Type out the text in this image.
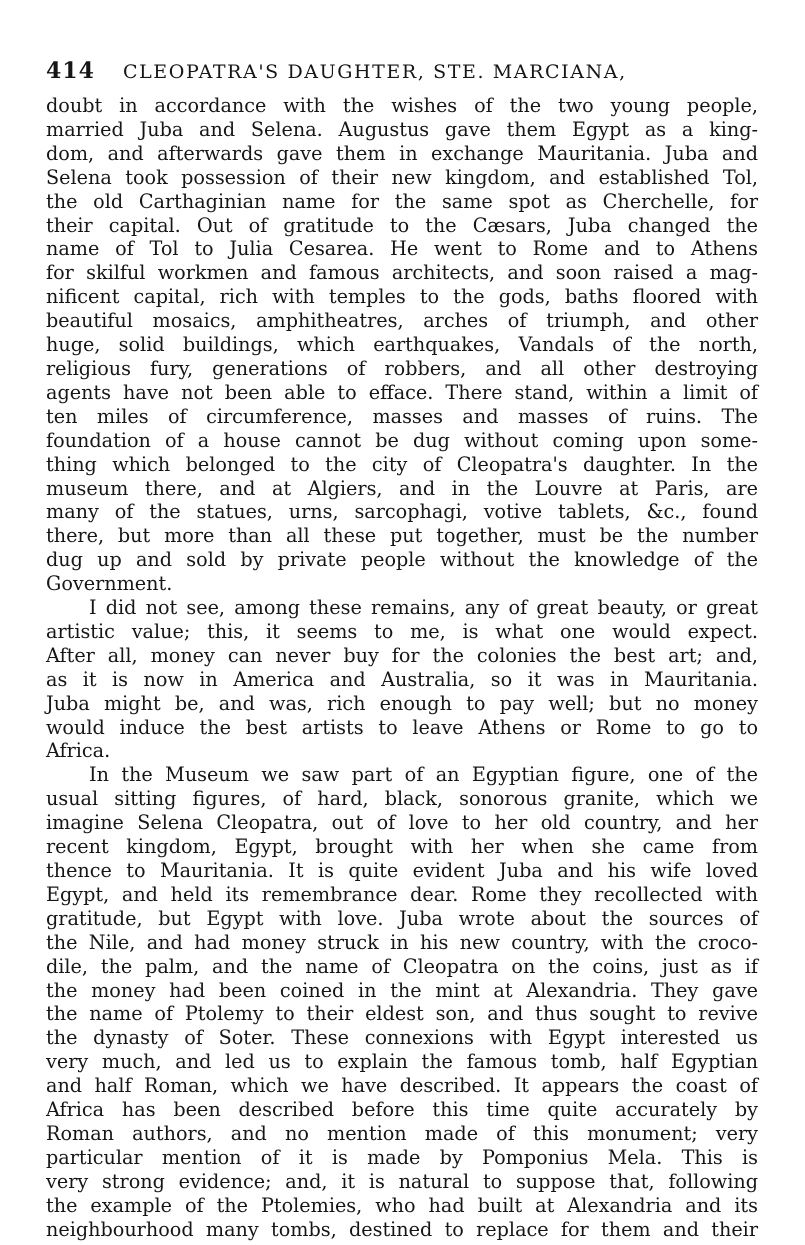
414 CLEOPATRA'S DAUGHTER, STE. MARCIANA,
doubt in accordance with the wishes of the two young people,
married Juba and Selena. Augustus gave them Egypt as a king-
dom, and afterwards gave them in exchange Mauritania. Juba and
Selena took possession of their new kingdom, and established Tol,
the old Carthaginian name for the same spot as Cherchelle, for
their capital. Out of gratitude to the Cæsars, Juba changed the
name of Tol to Julia Cesarea. He went to Rome and to Athens
for skilful workmen and famous architects, and soon raised a mag-
nificent capital, rich with temples to the gods, baths floored with
beautiful mosaics, amphitheatres, arches of triumph, and other
huge, solid buildings, which earthquakes, Vandals of the north,
religious fury, generations of robbers, and all other destroying
agents have not been able to efface. There stand, within a limit of
ten miles of circumference, masses and masses of ruins. The
foundation of a house cannot be dug without coming upon some-
thing which belonged to the city of Cleopatra's daughter. In the
museum there, and at Algiers, and in the Louvre at Paris, are
many of the statues, urns, sarcophagi, votive tablets, &c., found
there, but more than all these put together, must be the number
dug up and sold by private people without the knowledge of the
Government.
I did not see, among these remains, any of great beauty, or great
artistic value; this, it seems to me, is what one would expect.
After all, money can never buy for the colonies the best art; and,
as it is now in America and Australia, so it was in Mauritania.
Juba might be, and was, rich enough to pay well; but no money
would induce the best artists to leave Athens or Rome to go to
Africa.
In the Museum we saw part of an Egyptian figure, one of the
usual sitting figures, of hard, black, sonorous granite, which we
imagine Selena Cleopatra, out of love to her old country, and her
recent kingdom, Egypt, brought with her when she came from
thence to Mauritania. It is quite evident Juba and his wife loved
Egypt, and held its remembrance dear. Rome they recollected with
gratitude, but Egypt with love. Juba wrote about the sources of
the Nile, and had money struck in his new country, with the croco-
dile, the palm, and the name of Cleopatra on the coins, just as if
the money had been coined in the mint at Alexandria. They gave
the name of Ptolemy to their eldest son, and thus sought to revive
the dynasty of Soter. These connexions with Egypt interested us
very much, and led us to explain the famous tomb, half Egyptian
and half Roman, which we have described. It appears the coast of
Africa has been described before this time quite accurately by
Roman authors, and no mention made of this monument; very
particular mention of it is made by Pomponius Mela. This is
very strong evidence; and, it is natural to suppose that, following
the example of the Ptolemies, who had built at Alexandria and its
neighbourhood many tombs, destined to replace for them and their
